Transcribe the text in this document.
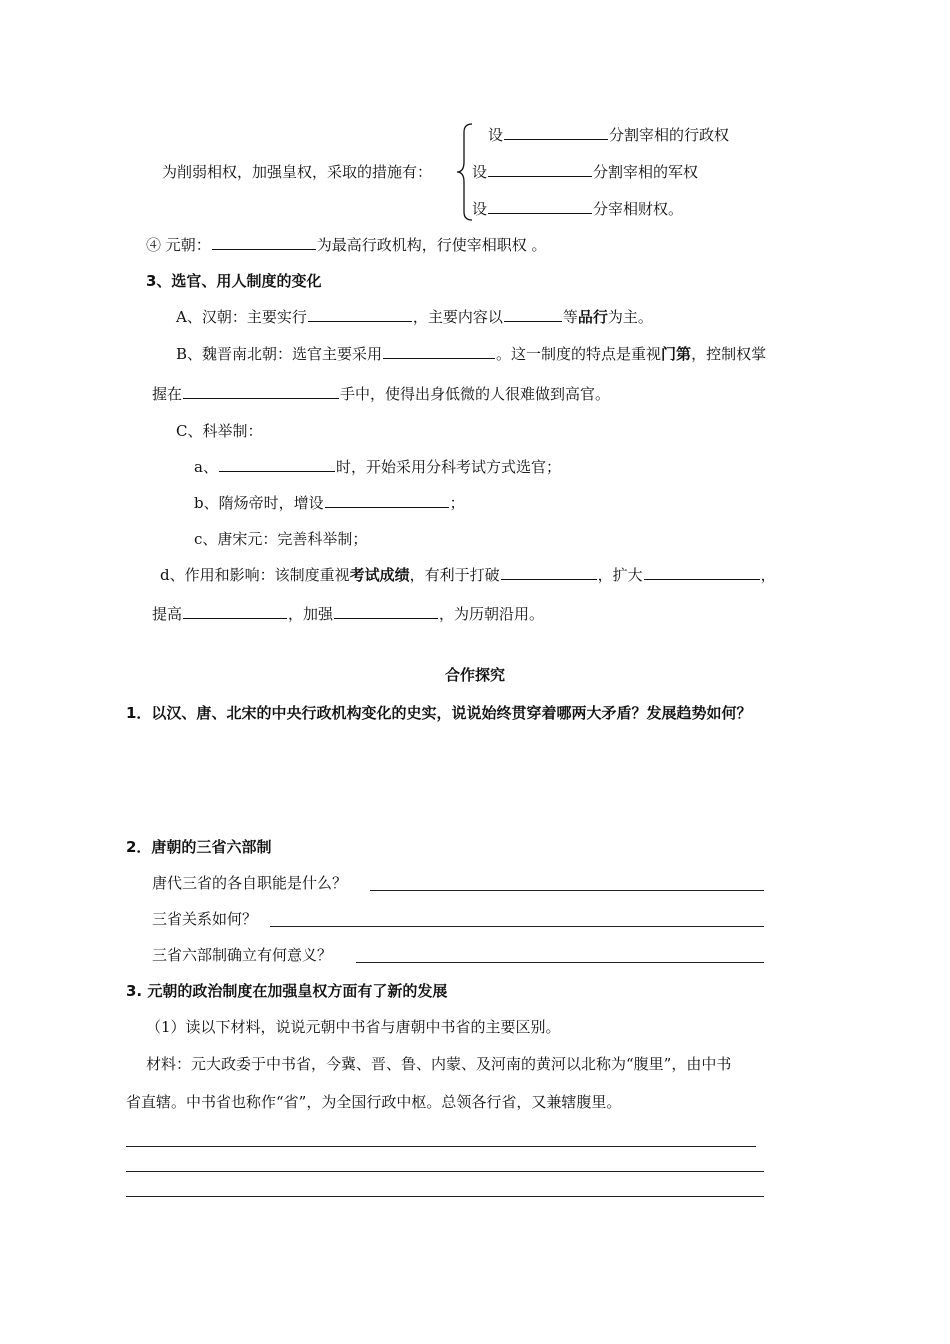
设	分割宰相的行政权
为削弱相权，加强皇权，采取的措施有：	设	分割宰相的军权
设	分宰相财权。
④ 元朝：	为最高行政机构，行使宰相职权 。
3、选官、用人制度的变化
A、汉朝：主要实行	，主要内容以	等品行为主。
B、魏晋南北朝：选官主要采用	。这一制度的特点是重视门第，控制权掌
握在	手中，使得出身低微的人很难做到高官。
C、科举制：
a、	时，开始采用分科考试方式选官；
b、隋炀帝时，增设	；
c、唐宋元：完善科举制；
d、作用和影响：该制度重视考试成绩，有利于打破	，扩大	，
提高	，加强	，为历朝沿用。
合作探究
1．以汉、唐、北宋的中央行政机构变化的史实，说说始终贯穿着哪两大矛盾？发展趋势如何？
2．唐朝的三省六部制
唐代三省的各自职能是什么？
三省关系如何？
三省六部制确立有何意义？
3. 元朝的政治制度在加强皇权方面有了新的发展
（1）读以下材料，说说元朝中书省与唐朝中书省的主要区别。
材料：元大政委于中书省，今冀、晋、鲁、内蒙、及河南的黄河以北称为“腹里”，由中书
省直辖。中书省也称作“省”，为全国行政中枢。总领各行省，又兼辖腹里。
